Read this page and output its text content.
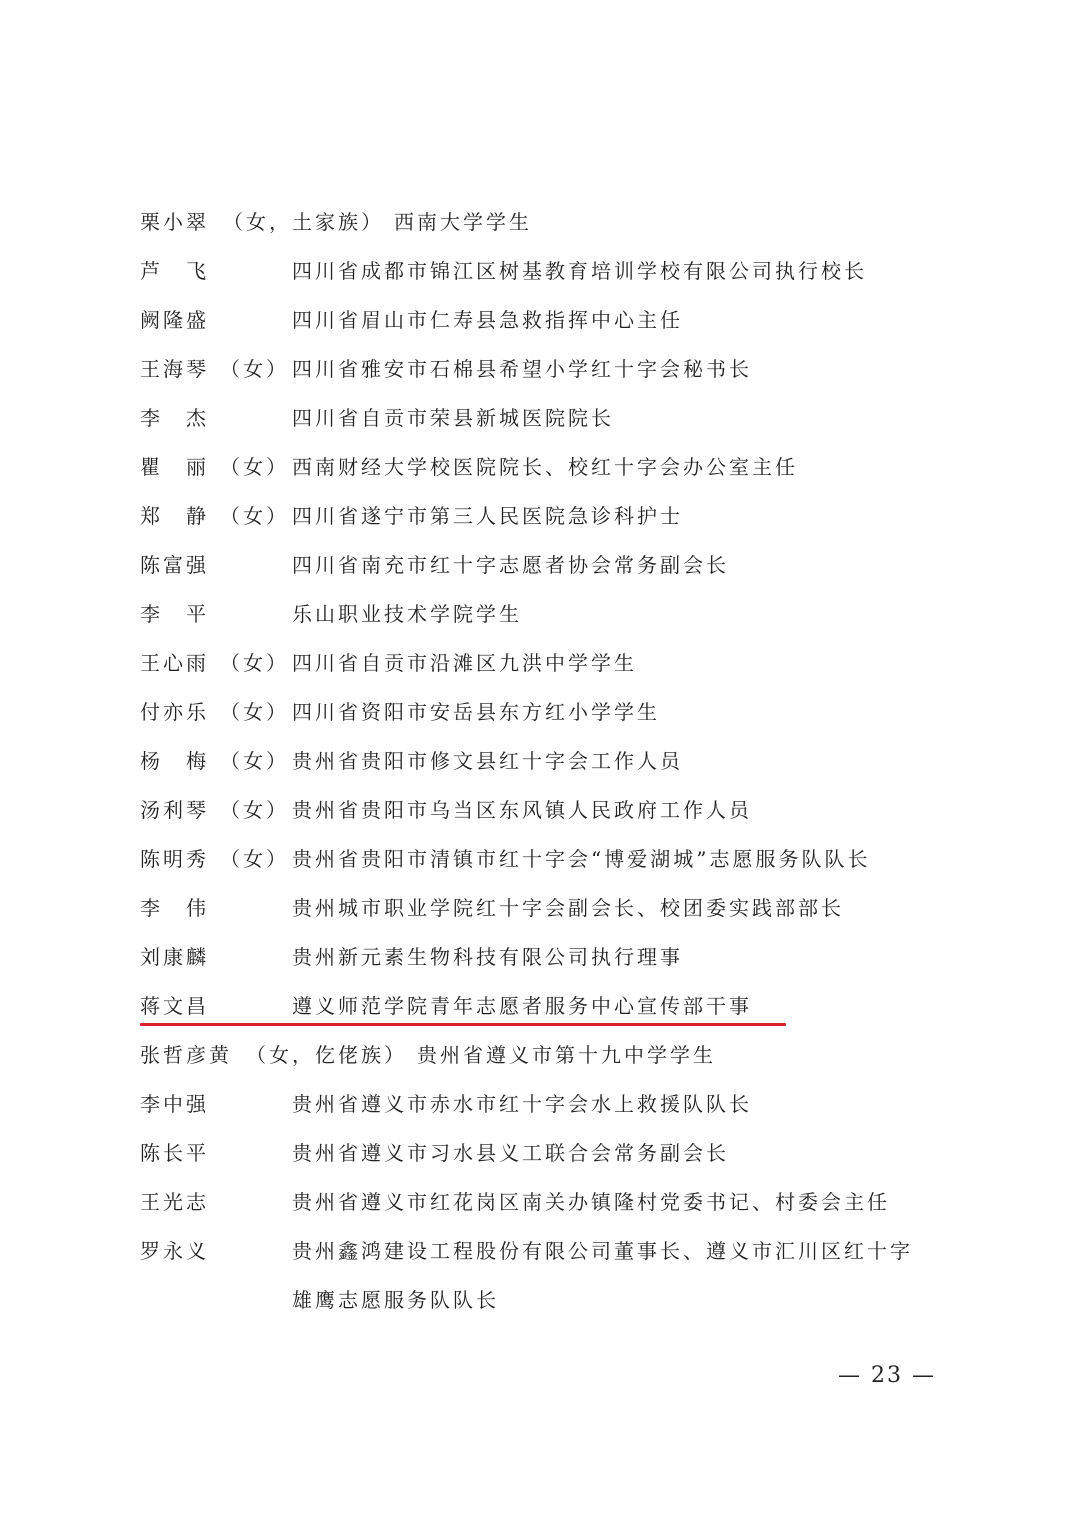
栗小翠 （女，土家族） 西南大学学生
芦　飞	四川省成都市锦江区树基教育培训学校有限公司执行校长
阙隆盛	四川省眉山市仁寿县急救指挥中心主任
王海琴 （女） 四川省雅安市石棉县希望小学红十字会秘书长
李　杰	四川省自贡市荣县新城医院院长
瞿　丽 （女） 西南财经大学校医院院长、校红十字会办公室主任
郑　静 （女） 四川省遂宁市第三人民医院急诊科护士
陈富强	四川省南充市红十字志愿者协会常务副会长
李　平	乐山职业技术学院学生
王心雨 （女） 四川省自贡市沿滩区九洪中学学生
付亦乐 （女） 四川省资阳市安岳县东方红小学学生
杨　梅 （女） 贵州省贵阳市修文县红十字会工作人员
汤利琴 （女） 贵州省贵阳市乌当区东风镇人民政府工作人员
陈明秀 （女） 贵州省贵阳市清镇市红十字会“博爱湖城”志愿服务队队长
李　伟	贵州城市职业学院红十字会副会长、校团委实践部部长
刘康麟	贵州新元素生物科技有限公司执行理事
蒋文昌	遵义师范学院青年志愿者服务中心宣传部干事
张哲彦黄 （女，仡佬族） 贵州省遵义市第十九中学学生
李中强	贵州省遵义市赤水市红十字会水上救援队队长
陈长平	贵州省遵义市习水县义工联合会常务副会长
王光志	贵州省遵义市红花岗区南关办镇隆村党委书记、村委会主任
罗永义	贵州鑫鸿建设工程股份有限公司董事长、遵义市汇川区红十字
雄鹰志愿服务队队长
— 23 —
